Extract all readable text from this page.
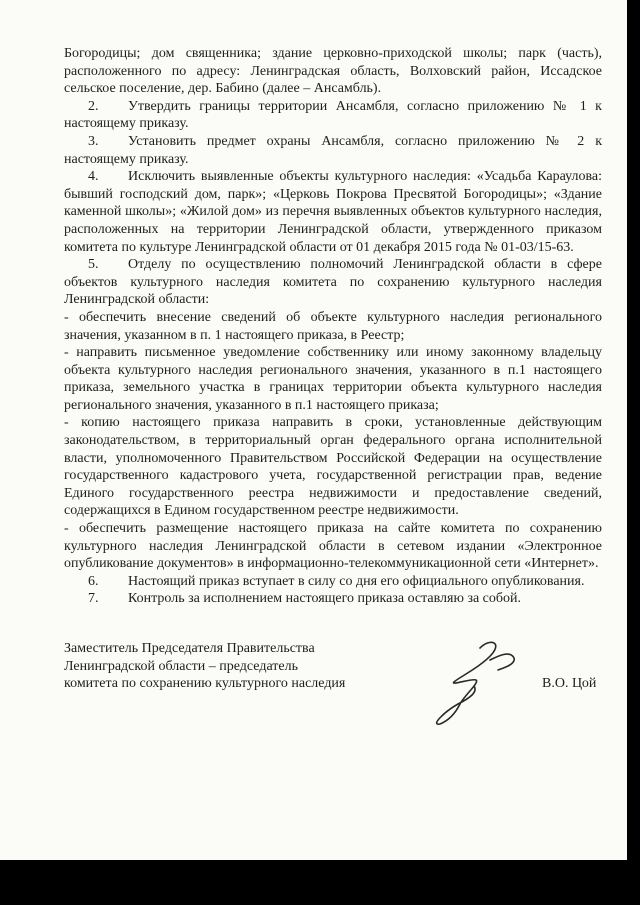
Богородицы; дом священника; здание церковно-приходской школы; парк (часть), расположенного по адресу: Ленинградская область, Волховский район, Иссадское сельское поселение, дер. Бабино (далее – Ансамбль).

2. Утвердить границы территории Ансамбля, согласно приложению № 1 к настоящему приказу.

3. Установить предмет охраны Ансамбля, согласно приложению № 2 к настоящему приказу.

4. Исключить выявленные объекты культурного наследия: «Усадьба Караулова: бывший господский дом, парк»; «Церковь Покрова Пресвятой Богородицы»; «Здание каменной школы»; «Жилой дом» из перечня выявленных объектов культурного наследия, расположенных на территории Ленинградской области, утвержденного приказом комитета по культуре Ленинградской области от 01 декабря 2015 года № 01-03/15-63.

5. Отделу по осуществлению полномочий Ленинградской области в сфере объектов культурного наследия комитета по сохранению культурного наследия Ленинградской области:

- обеспечить внесение сведений об объекте культурного наследия регионального значения, указанном в п. 1 настоящего приказа, в Реестр;

- направить письменное уведомление собственнику или иному законному владельцу объекта культурного наследия регионального значения, указанного в п.1 настоящего приказа, земельного участка в границах территории объекта культурного наследия регионального значения, указанного в п.1 настоящего приказа;

- копию настоящего приказа направить в сроки, установленные действующим законодательством, в территориальный орган федерального органа исполнительной власти, уполномоченного Правительством Российской Федерации на осуществление государственного кадастрового учета, государственной регистрации прав, ведение Единого государственного реестра недвижимости и предоставление сведений, содержащихся в Едином государственном реестре недвижимости.

- обеспечить размещение настоящего приказа на сайте комитета по сохранению культурного наследия Ленинградской области в сетевом издании «Электронное опубликование документов» в информационно-телекоммуникационной сети «Интернет».

6. Настоящий приказ вступает в силу со дня его официального опубликования.

7. Контроль за исполнением настоящего приказа оставляю за собой.

Заместитель Председателя Правительства
Ленинградской области – председатель
комитета по сохранению культурного наследия	В.О. Цой
